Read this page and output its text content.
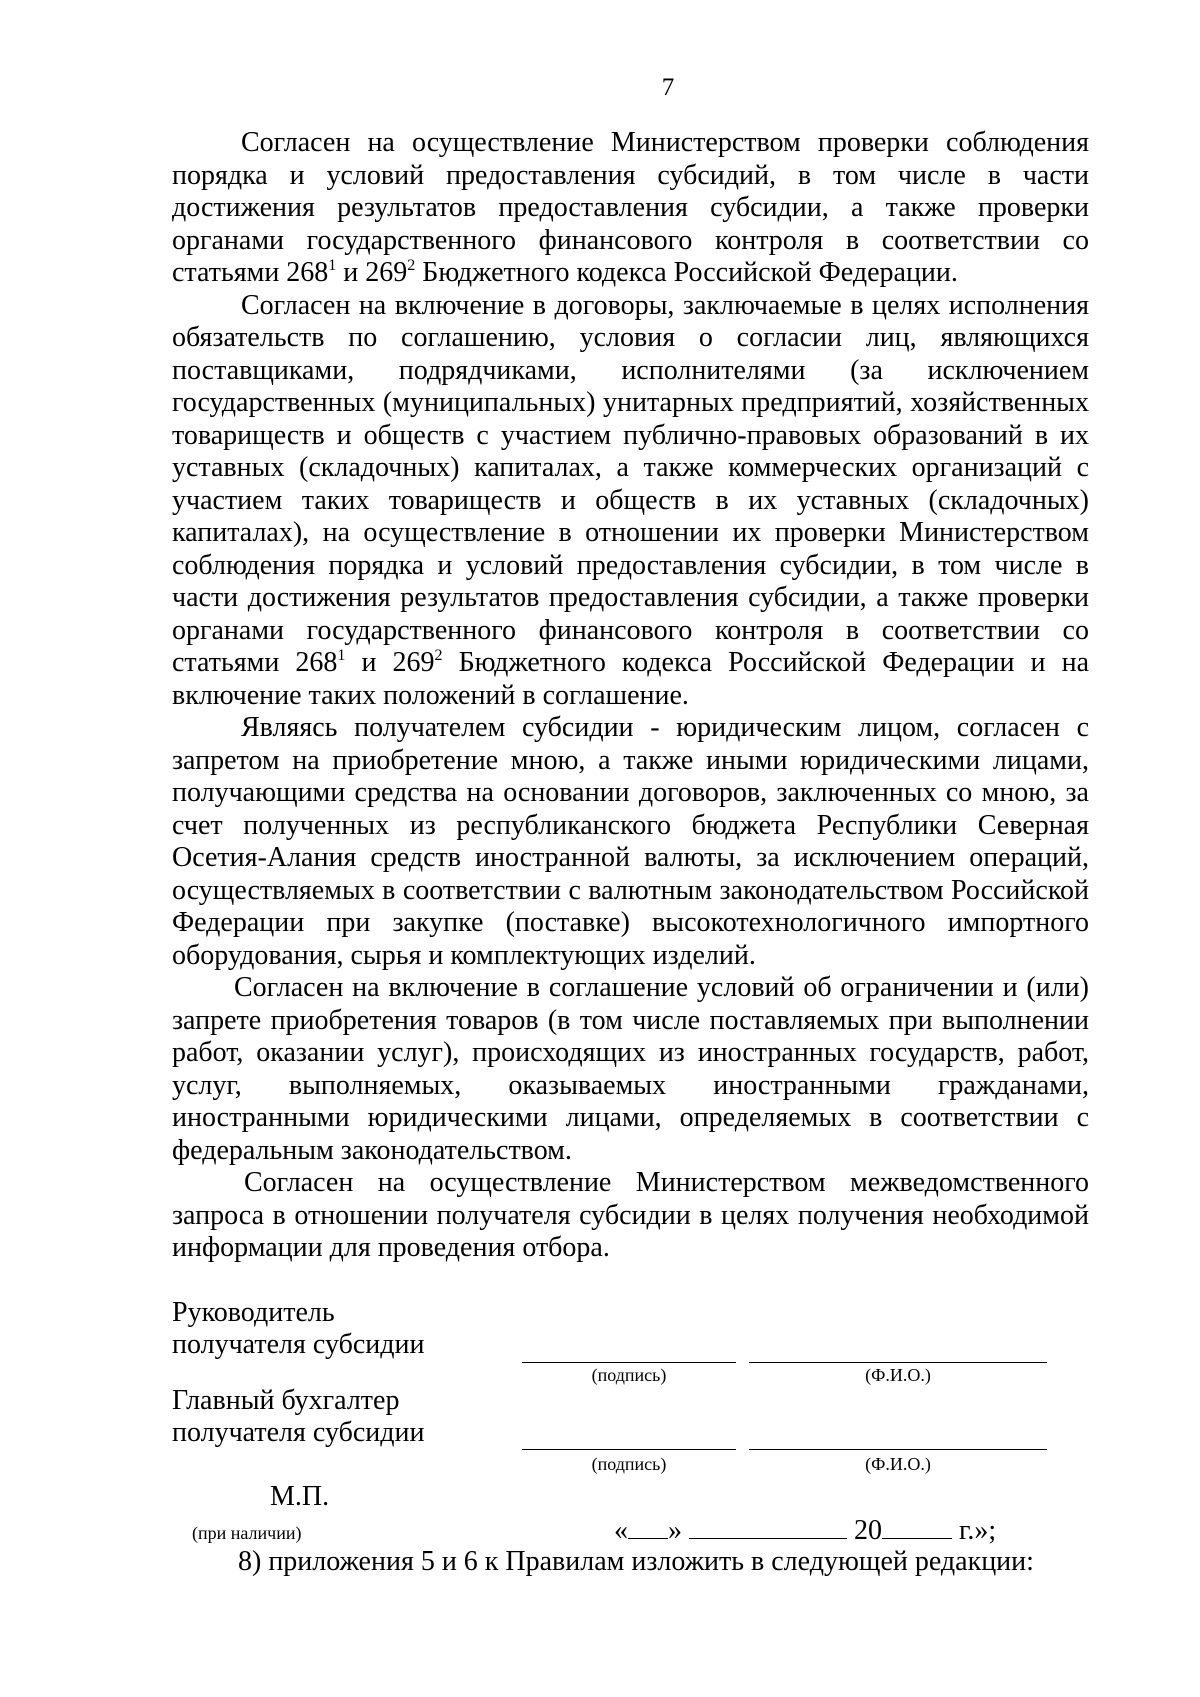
7

Согласен на осуществление Министерством проверки соблюдения порядка и условий предоставления субсидий, в том числе в части достижения результатов предоставления субсидии, а также проверки органами государственного финансового контроля в соответствии со статьями $268^1$ и $269^2$ Бюджетного кодекса Российской Федерации.

Согласен на включение в договоры, заключаемые в целях исполнения обязательств по соглашению, условия о согласии лиц, являющихся поставщиками, подрядчиками, исполнителями (за исключением государственных (муниципальных) унитарных предприятий, хозяйственных товариществ и обществ с участием публично-правовых образований в их уставных (складочных) капиталах, а также коммерческих организаций с участием таких товариществ и обществ в их уставных (складочных) капиталах), на осуществление в отношении их проверки Министерством соблюдения порядка и условий предоставления субсидии, в том числе в части достижения результатов предоставления субсидии, а также проверки органами государственного финансового контроля в соответствии со статьями $268^1$ и $269^2$ Бюджетного кодекса Российской Федерации и на включение таких положений в соглашение.

Являясь получателем субсидии - юридическим лицом, согласен с запретом на приобретение мною, а также иными юридическими лицами, получающими средства на основании договоров, заключенных со мною, за счет полученных из республиканского бюджета Республики Северная Осетия-Алания средств иностранной валюты, за исключением операций, осуществляемых в соответствии с валютным законодательством Российской Федерации при закупке (поставке) высокотехнологичного импортного оборудования, сырья и комплектующих изделий.

Согласен на включение в соглашение условий об ограничении и (или) запрете приобретения товаров (в том числе поставляемых при выполнении работ, оказании услуг), происходящих из иностранных государств, работ, услуг, выполняемых, оказываемых иностранными гражданами, иностранными юридическими лицами, определяемых в соответствии с федеральным законодательством.

Согласен на осуществление Министерством межведомственного запроса в отношении получателя субсидии в целях получения необходимой информации для проведения отбора.

Руководитель
получателя субсидии
(подпись)	(Ф.И.О.)
Главный бухгалтер
получателя субсидии
(подпись)	(Ф.И.О.)
М.П.
(при наличии)	« »	20	г.»;
8) приложения 5 и 6 к Правилам изложить в следующей редакции:
